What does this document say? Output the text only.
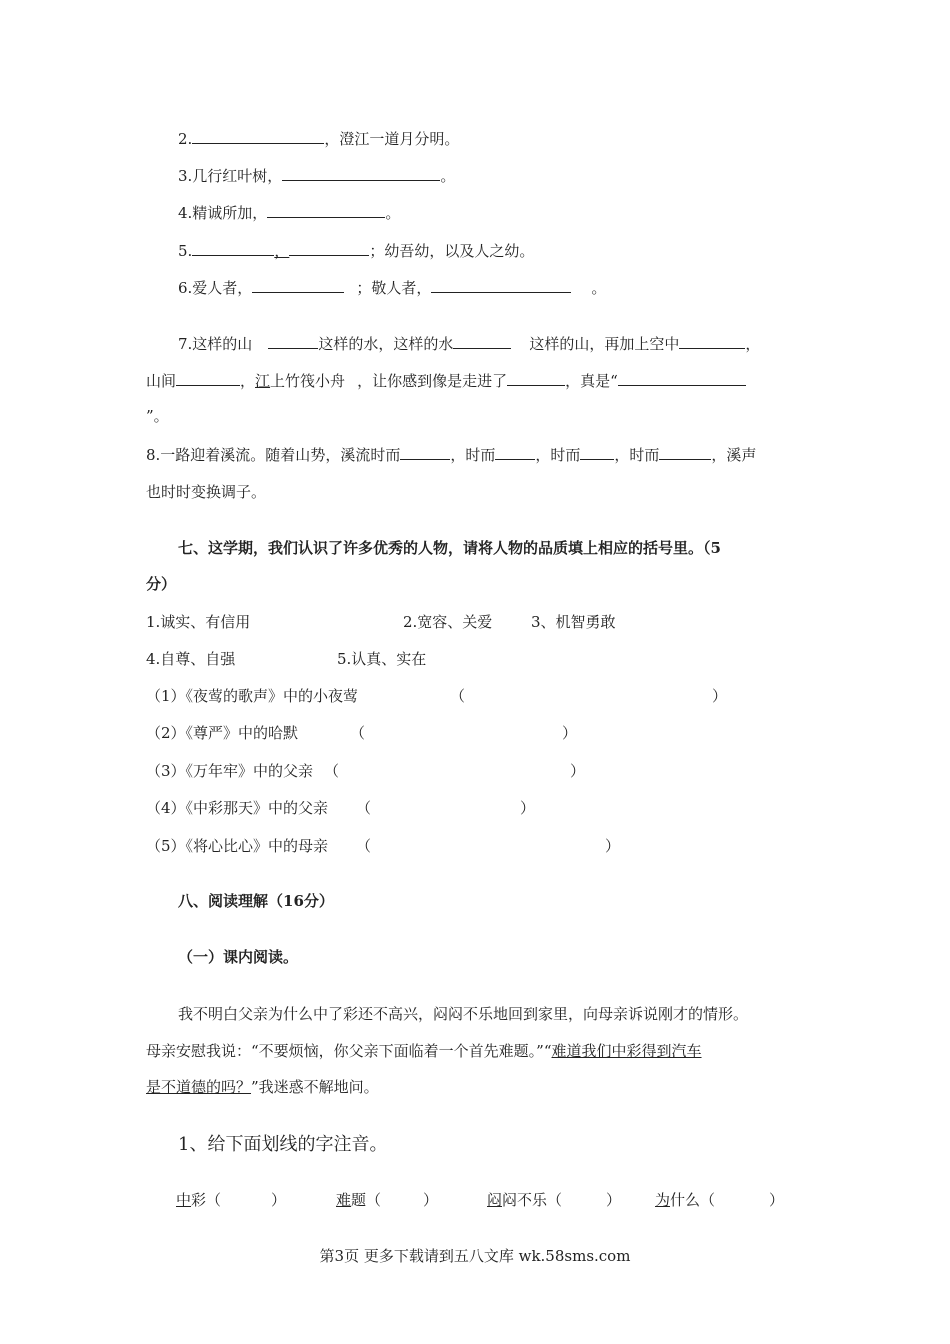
2.	，澄江一道月分明。
3.几行红叶树，	。
4.精诚所加，	。
5.	，	；幼吾幼，以及人之幼。
6.爱人者，	；敬人者，	。
7.这样的山	这样的水，这样的水	这样的山，再加上空中	，
山间	，江上竹筏小舟 ，让你感到像是走进了	，真是“
”。
8.一路迎着溪流。随着山势，溪流时而	，时而	，时而 ，时而	，溪声
也时时变换调子。
七、这学期，我们认识了许多优秀的人物，请将人物的品质填上相应的括号里。（5
分）
1.诚实、有信用	2.宽容、关爱	3、机智勇敢
4.自尊、自强	5.认真、实在
（1）《夜莺的歌声》中的小夜莺	（	）
（2）《尊严》中的哈默	（	）
（3）《万年牢》中的父亲 （	）
（4）《中彩那天》中的父亲 （	）
（5）《将心比心》中的母亲 （	）
八、阅读理解（16分）
（一）课内阅读。
我不明白父亲为什么中了彩还不高兴，闷闷不乐地回到家里，向母亲诉说刚才的情形。
母亲安慰我说：“不要烦恼，你父亲下面临着一个首先难题。”“难道我们中彩得到汽车
是不道德的吗？”我迷惑不解地问。
1、给下面划线的字注音。
中彩（	）	难题（	）	闷闷不乐（	） 为什么（	）
第3页 更多下载请到五八文库 wk.58sms.com
